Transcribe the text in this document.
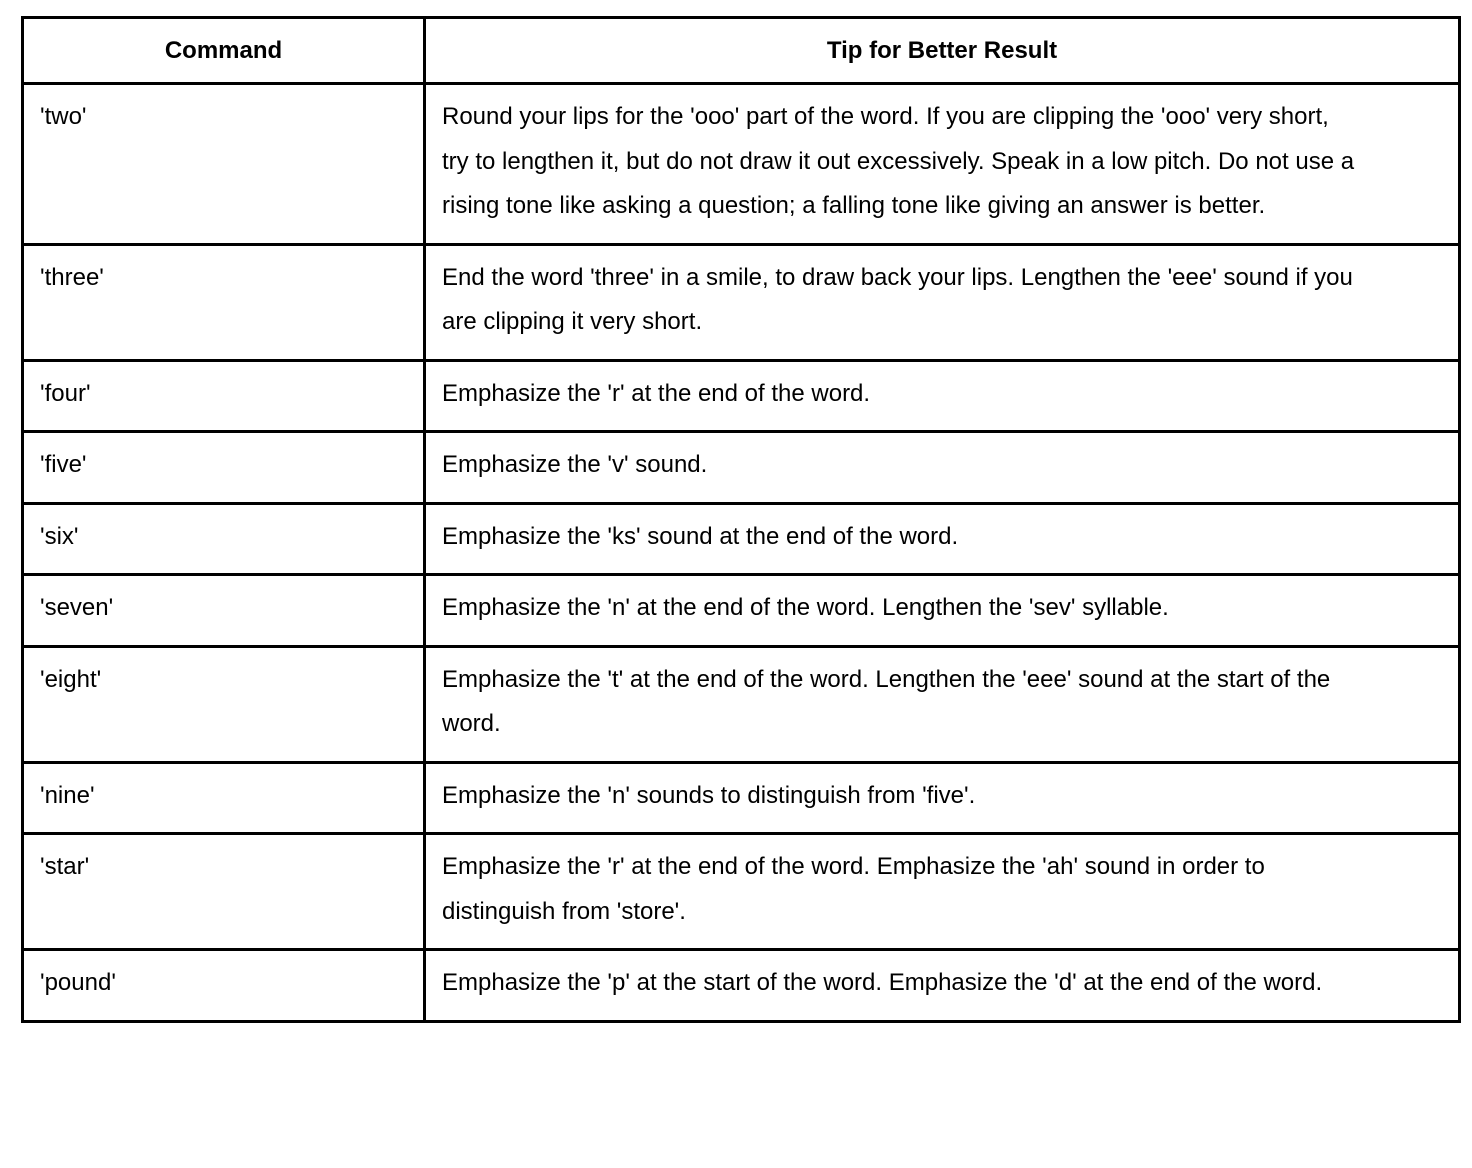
Command	Tip for Better Result

'two'	Round your lips for the 'ooo' part of the word. If you are clipping the 'ooo' very short, try to lengthen it, but do not draw it out excessively. Speak in a low pitch. Do not use a rising tone like asking a question; a falling tone like giving an answer is better.

'three'	End the word 'three' in a smile, to draw back your lips. Lengthen the 'eee' sound if you are clipping it very short.

'four'	Emphasize the 'r' at the end of the word.

'five'	Emphasize the 'v' sound.

'six'	Emphasize the 'ks' sound at the end of the word.

'seven'	Emphasize the 'n' at the end of the word. Lengthen the 'sev' syllable.

'eight'	Emphasize the 't' at the end of the word. Lengthen the 'eee' sound at the start of the word.

'nine'	Emphasize the 'n' sounds to distinguish from 'five'.

'star'	Emphasize the 'r' at the end of the word. Emphasize the 'ah' sound in order to distinguish from 'store'.

'pound'	Emphasize the 'p' at the start of the word. Emphasize the 'd' at the end of the word.
